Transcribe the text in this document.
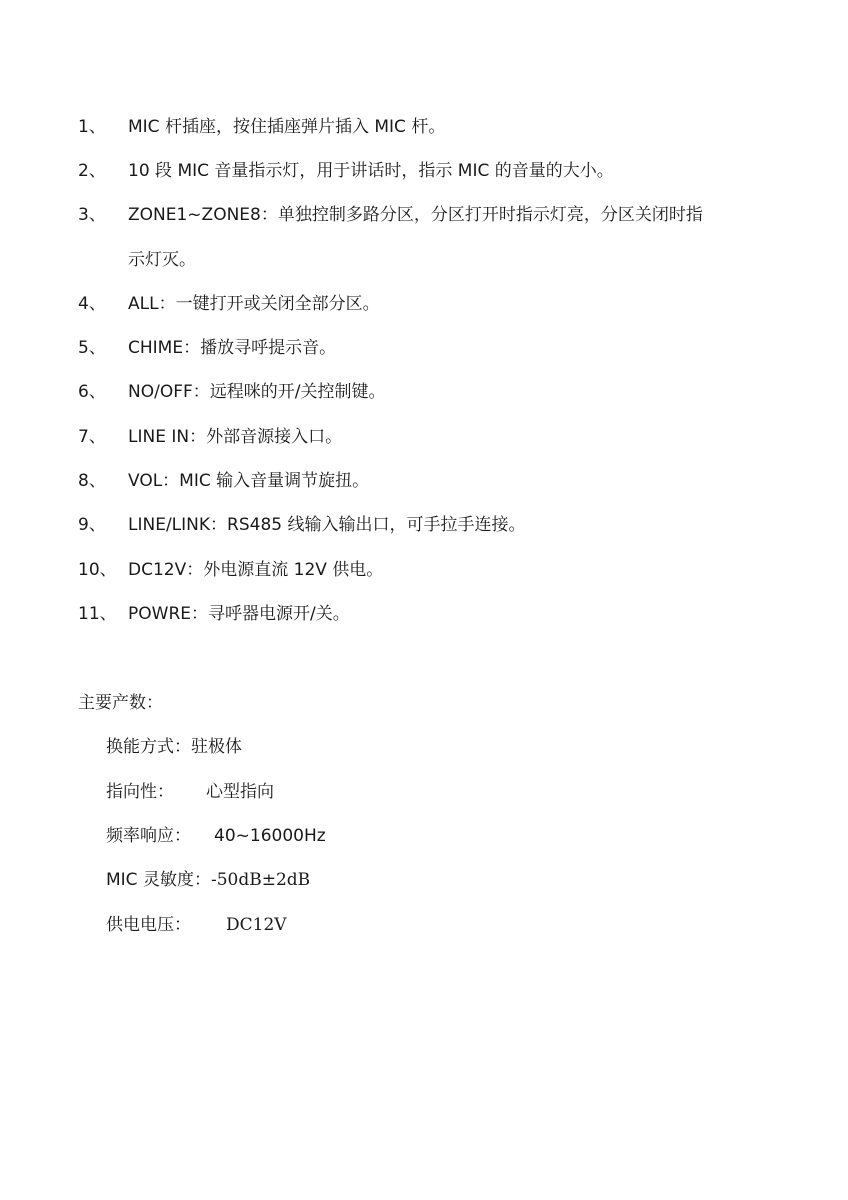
1、 MIC 杆插座，按住插座弹片插入 MIC 杆。
2、 10 段 MIC 音量指示灯，用于讲话时，指示 MIC 的音量的大小。
3、 ZONE1~ZONE8：单独控制多路分区，分区打开时指示灯亮，分区关闭时指
示灯灭。
4、 ALL：一键打开或关闭全部分区。
5、 CHIME：播放寻呼提示音。
6、 NO/OFF：远程咪的开/关控制键。
7、 LINE IN：外部音源接入口。
8、 VOL：MIC 输入音量调节旋扭。
9、 LINE/LINK：RS485 线输入输出口，可手拉手连接。
10、 DC12V：外电源直流 12V 供电。
11、 POWRE：寻呼器电源开/关。
主要产数：
换能方式：驻极体
指向性： 心型指向
频率响应： 40~16000Hz
MIC 灵敏度：-50dB±2dB
供电电压： DC12V
